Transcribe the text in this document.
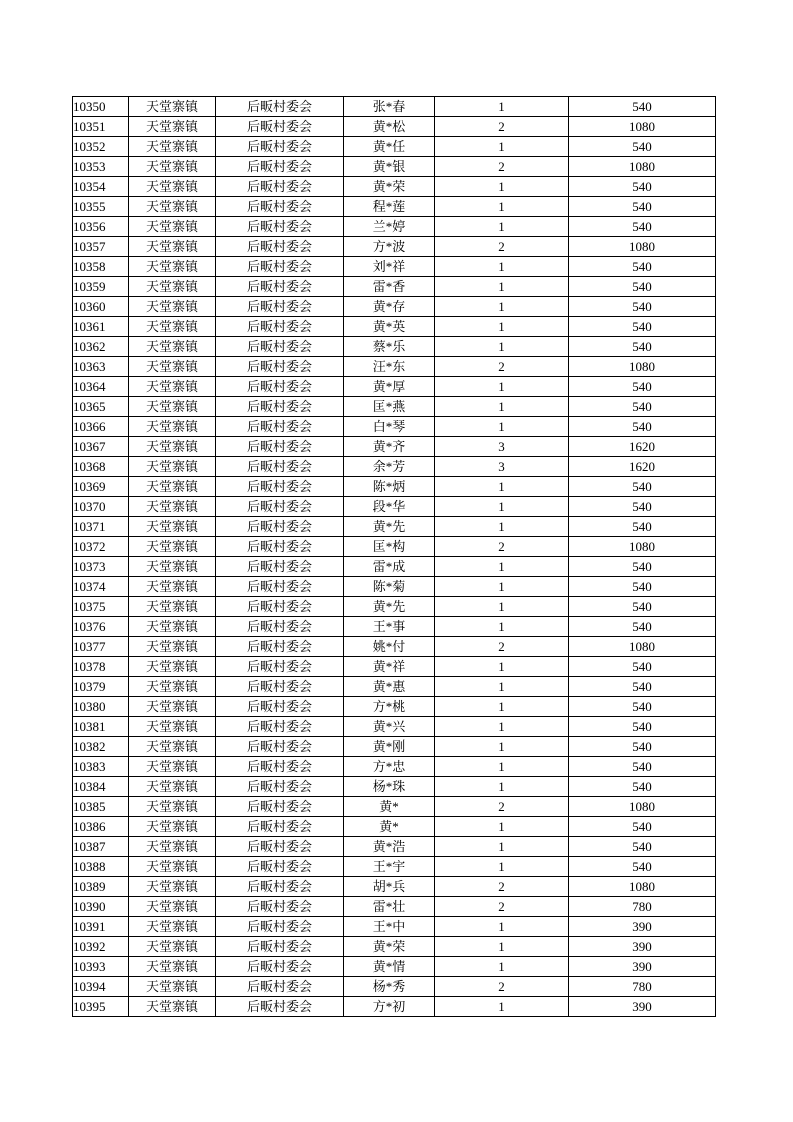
10350	天堂寨镇	后畈村委会	张*春	1	540
10351	天堂寨镇	后畈村委会	黄*松	2	1080
10352	天堂寨镇	后畈村委会	黄*任	1	540
10353	天堂寨镇	后畈村委会	黄*银	2	1080
10354	天堂寨镇	后畈村委会	黄*荣	1	540
10355	天堂寨镇	后畈村委会	程*莲	1	540
10356	天堂寨镇	后畈村委会	兰*婷	1	540
10357	天堂寨镇	后畈村委会	方*波	2	1080
10358	天堂寨镇	后畈村委会	刘*祥	1	540
10359	天堂寨镇	后畈村委会	雷*香	1	540
10360	天堂寨镇	后畈村委会	黄*存	1	540
10361	天堂寨镇	后畈村委会	黄*英	1	540
10362	天堂寨镇	后畈村委会	蔡*乐	1	540
10363	天堂寨镇	后畈村委会	汪*东	2	1080
10364	天堂寨镇	后畈村委会	黄*厚	1	540
10365	天堂寨镇	后畈村委会	匡*燕	1	540
10366	天堂寨镇	后畈村委会	白*琴	1	540
10367	天堂寨镇	后畈村委会	黄*齐	3	1620
10368	天堂寨镇	后畈村委会	余*芳	3	1620
10369	天堂寨镇	后畈村委会	陈*炳	1	540
10370	天堂寨镇	后畈村委会	段*华	1	540
10371	天堂寨镇	后畈村委会	黄*先	1	540
10372	天堂寨镇	后畈村委会	匡*构	2	1080
10373	天堂寨镇	后畈村委会	雷*成	1	540
10374	天堂寨镇	后畈村委会	陈*菊	1	540
10375	天堂寨镇	后畈村委会	黄*先	1	540
10376	天堂寨镇	后畈村委会	王*事	1	540
10377	天堂寨镇	后畈村委会	姚*付	2	1080
10378	天堂寨镇	后畈村委会	黄*祥	1	540
10379	天堂寨镇	后畈村委会	黄*惠	1	540
10380	天堂寨镇	后畈村委会	方*桃	1	540
10381	天堂寨镇	后畈村委会	黄*兴	1	540
10382	天堂寨镇	后畈村委会	黄*刚	1	540
10383	天堂寨镇	后畈村委会	方*忠	1	540
10384	天堂寨镇	后畈村委会	杨*珠	1	540
10385	天堂寨镇	后畈村委会	黄*	2	1080
10386	天堂寨镇	后畈村委会	黄*	1	540
10387	天堂寨镇	后畈村委会	黄*浩	1	540
10388	天堂寨镇	后畈村委会	王*宇	1	540
10389	天堂寨镇	后畈村委会	胡*兵	2	1080
10390	天堂寨镇	后畈村委会	雷*壮	2	780
10391	天堂寨镇	后畈村委会	王*中	1	390
10392	天堂寨镇	后畈村委会	黄*荣	1	390
10393	天堂寨镇	后畈村委会	黄*情	1	390
10394	天堂寨镇	后畈村委会	杨*秀	2	780
10395	天堂寨镇	后畈村委会	方*初	1	390
